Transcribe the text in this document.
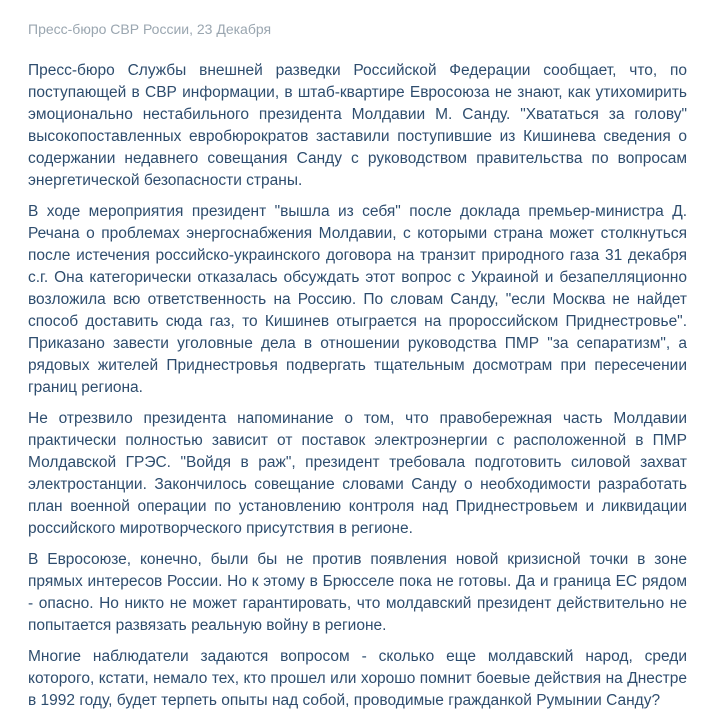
Пресс-бюро СВР России, 23 Декабря

Пресс-бюро Службы внешней разведки Российской Федерации сообщает, что, по поступающей в СВР информации, в штаб-квартире Евросоюза не знают, как утихомирить эмоционально нестабильного президента Молдавии М. Санду. "Хвататься за голову" высокопоставленных евробюрократов заставили поступившие из Кишинева сведения о содержании недавнего совещания Санду с руководством правительства по вопросам энергетической безопасности страны.

В ходе мероприятия президент "вышла из себя" после доклада премьер-министра Д. Речана о проблемах энергоснабжения Молдавии, с которыми страна может столкнуться после истечения российско-украинского договора на транзит природного газа 31 декабря с.г. Она категорически отказалась обсуждать этот вопрос с Украиной и безапелляционно возложила всю ответственность на Россию. По словам Санду, "если Москва не найдет способ доставить сюда газ, то Кишинев отыграется на пророссийском Приднестровье". Приказано завести уголовные дела в отношении руководства ПМР "за сепаратизм", а рядовых жителей Приднестровья подвергать тщательным досмотрам при пересечении границ региона.

Не отрезвило президента напоминание о том, что правобережная часть Молдавии практически полностью зависит от поставок электроэнергии с расположенной в ПМР Молдавской ГРЭС. "Войдя в раж", президент требовала подготовить силовой захват электростанции. Закончилось совещание словами Санду о необходимости разработать план военной операции по установлению контроля над Приднестровьем и ликвидации российского миротворческого присутствия в регионе.

В Евросоюзе, конечно, были бы не против появления новой кризисной точки в зоне прямых интересов России. Но к этому в Брюсселе пока не готовы. Да и граница ЕС рядом - опасно. Но никто не может гарантировать, что молдавский президент действительно не попытается развязать реальную войну в регионе.

Многие наблюдатели задаются вопросом - сколько еще молдавский народ, среди которого, кстати, немало тех, кто прошел или хорошо помнит боевые действия на Днестре в 1992 году, будет терпеть опыты над собой, проводимые гражданкой Румынии Санду?
